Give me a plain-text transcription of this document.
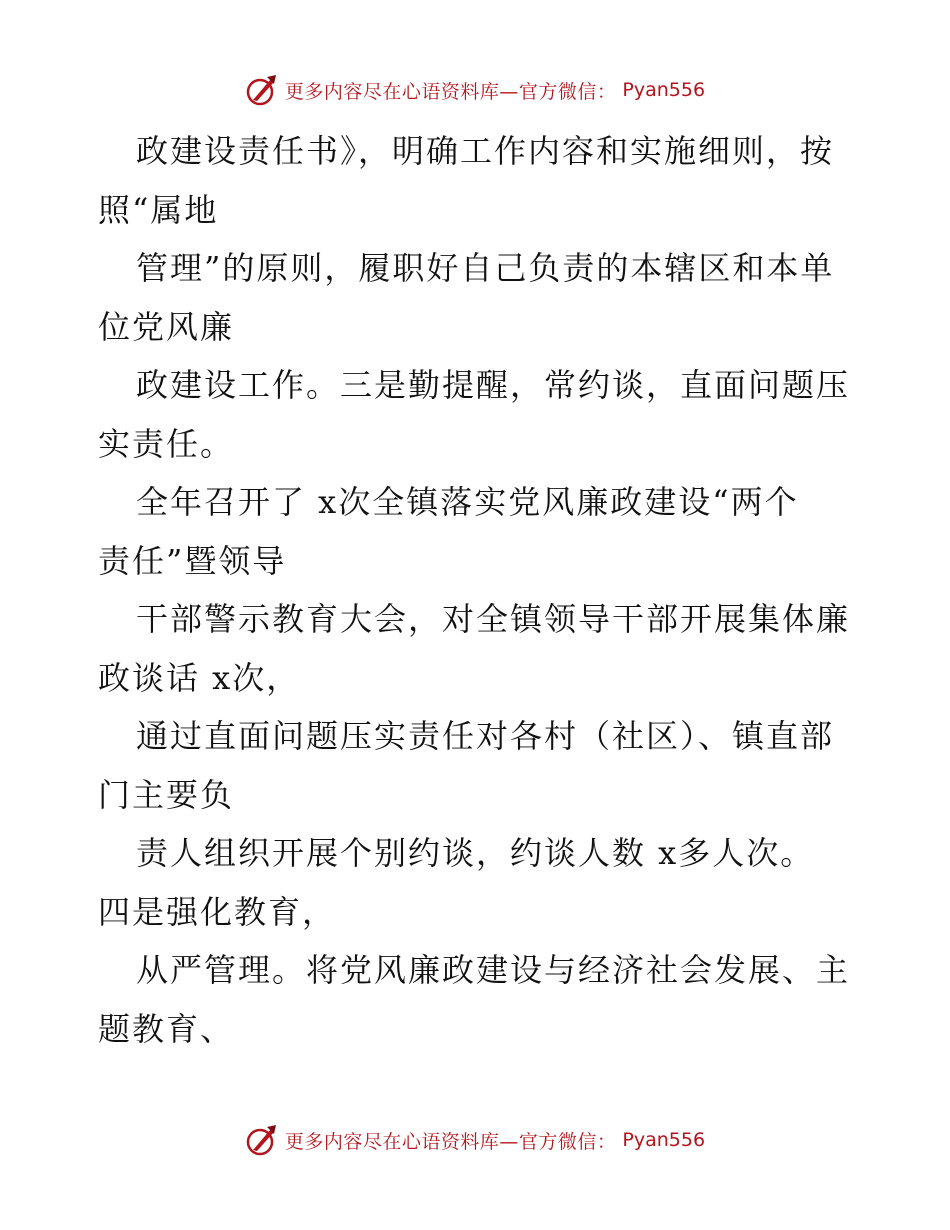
更多内容尽在心语资料库—官方微信： Pyan556
政建设责任书》，明确工作内容和实施细则，按
照“属地
管理”的原则，履职好自己负责的本辖区和本单
位党风廉
政建设工作。三是勤提醒，常约谈，直面问题压
实责任。
全年召开了 x次全镇落实党风廉政建设“两个
责任”暨领导
干部警示教育大会，对全镇领导干部开展集体廉
政谈话 x次，
通过直面问题压实责任对各村（社区）、镇直部
门主要负
责人组织开展个别约谈，约谈人数 x多人次。
四是强化教育，
从严管理。将党风廉政建设与经济社会发展、主
题教育、
更多内容尽在心语资料库—官方微信： Pyan556
